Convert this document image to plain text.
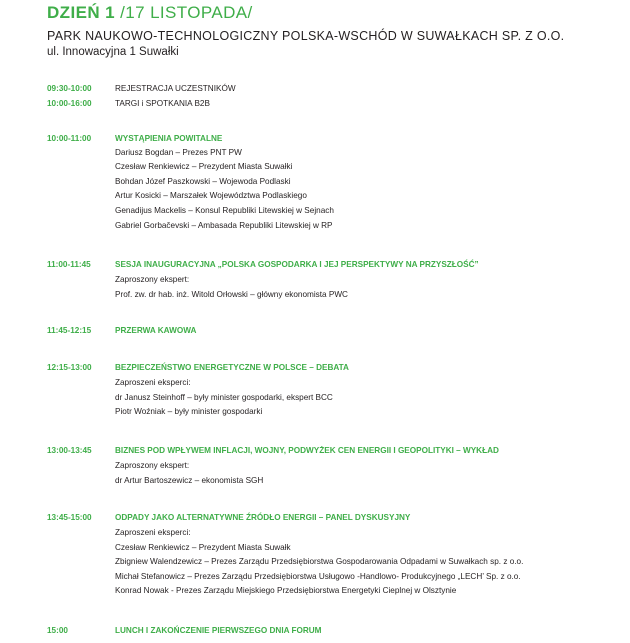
DZIEŃ 1 /17 LISTOPADA/
PARK NAUKOWO-TECHNOLOGICZNY POLSKA-WSCHÓD W SUWAŁKACH SP. Z O.O.
ul. Innowacyjna 1 Suwałki
09:30-10:00	REJESTRACJA UCZESTNIKÓW
10:00-16:00	TARGI i SPOTKANIA B2B
10:00-11:00	WYSTĄPIENIA POWITALNE
Dariusz Bogdan – Prezes PNT PW
Czesław Renkiewicz – Prezydent Miasta Suwałki
Bohdan Józef Paszkowski – Wojewoda Podlaski
Artur Kosicki – Marszałek Województwa Podlaskiego
Genadijus Mackelis – Konsul Republiki Litewskiej w Sejnach
Gabriel Gorbačevski – Ambasada Republiki Litewskiej w RP
11:00-11:45	SESJA INAUGURACYJNA „POLSKA GOSPODARKA I JEJ PERSPEKTYWY NA PRZYSZŁOŚĆ”
Zaproszony ekspert:
Prof. zw. dr hab. inż. Witold Orłowski – główny ekonomista PWC
11:45-12:15	PRZERWA KAWOWA
12:15-13:00	BEZPIECZEŃSTWO ENERGETYCZNE W POLSCE – DEBATA
Zaproszeni eksperci:
dr Janusz Steinhoff – były minister gospodarki, ekspert BCC
Piotr Woźniak – były minister gospodarki
13:00-13:45	BIZNES POD WPŁYWEM INFLACJI, WOJNY, PODWYŻEK CEN ENERGII I GEOPOLITYKI – WYKŁAD
Zaproszony ekspert:
dr Artur Bartoszewicz – ekonomista SGH
13:45-15:00	ODPADY JAKO ALTERNATYWNE ŹRÓDŁO ENERGII – PANEL DYSKUSYJNY
Zaproszeni eksperci:
Czesław Renkiewicz – Prezydent Miasta Suwałk
Zbigniew Walendzewicz – Prezes Zarządu Przedsiębiorstwa Gospodarowania Odpadami w Suwałkach sp. z o.o.
Michał Stefanowicz – Prezes Zarządu Przedsiębiorstwa Usługowo -Handlowo- Produkcyjnego „LECH’ Sp. z o.o.
Konrad Nowak - Prezes Zarządu Miejskiego Przedsiębiorstwa Energetyki Cieplnej w Olsztynie
15:00	LUNCH I ZAKOŃCZENIE PIERWSZEGO DNIA FORUM
